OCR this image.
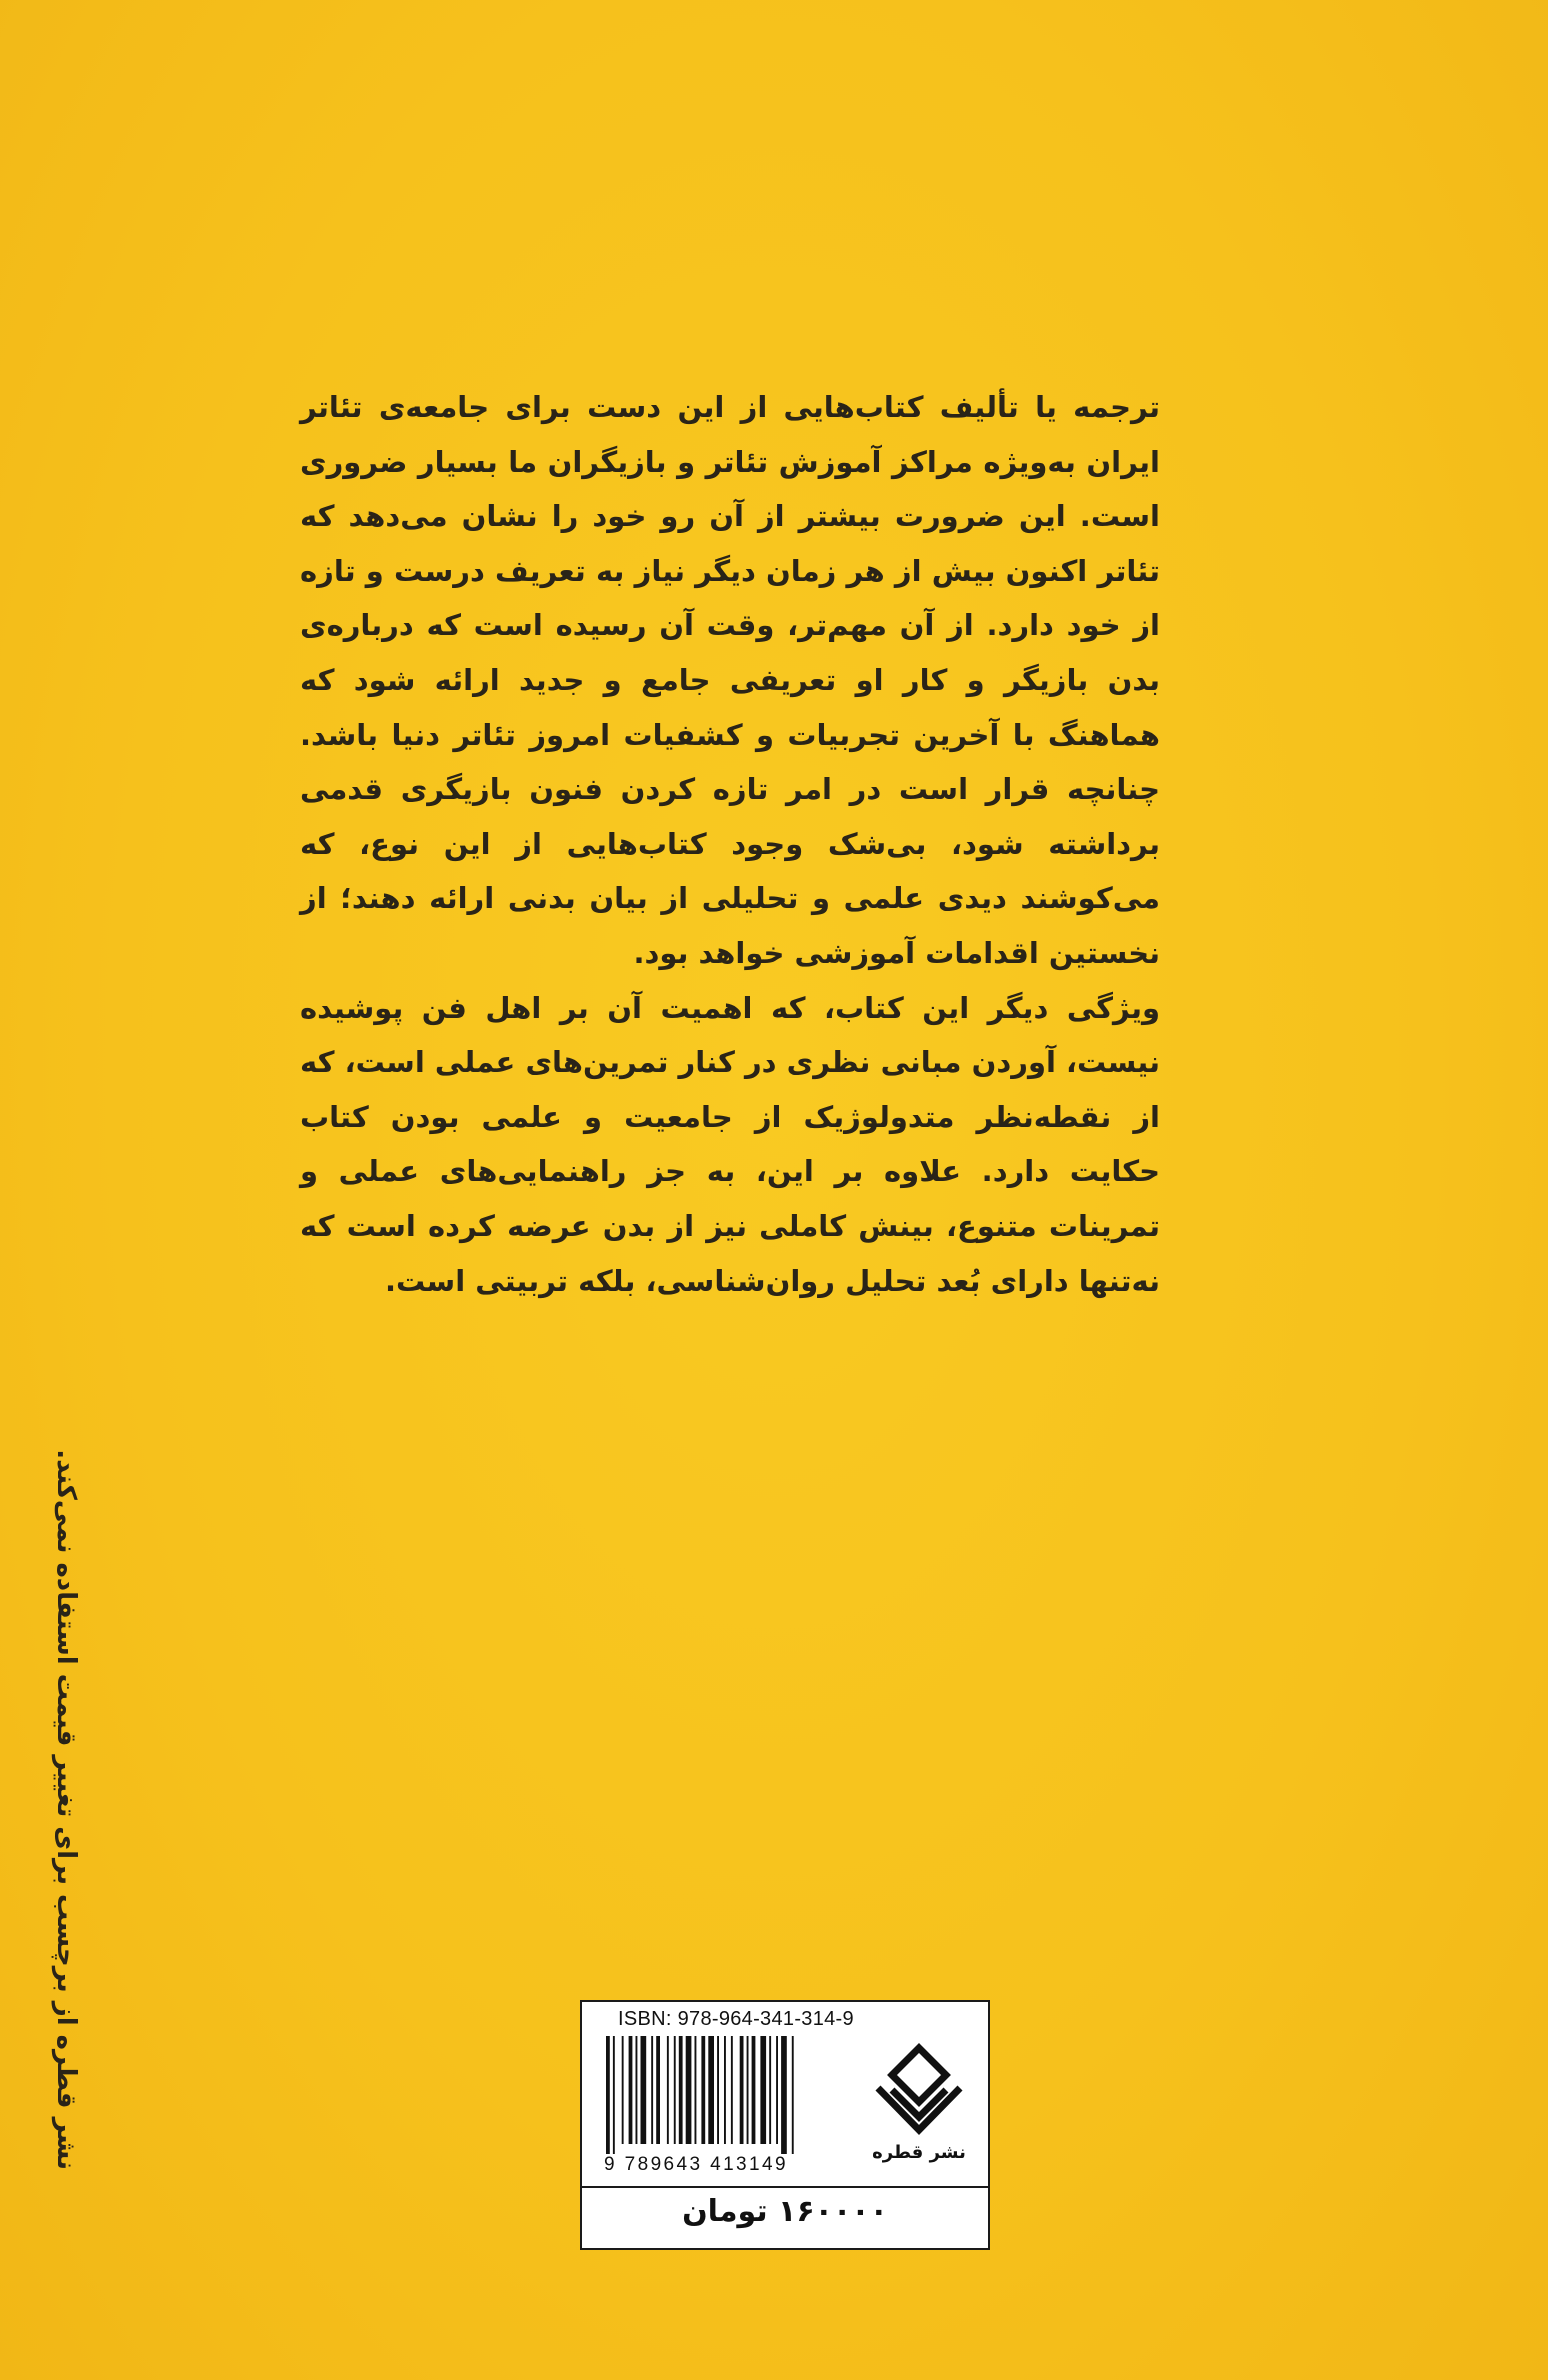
ترجمه یا تألیف کتاب‌هایی از این دست برای جامعه‌ی تئاتر ایران به‌ویژه مراکز آموزش تئاتر و بازیگران ما بسیار ضروری است. این ضرورت بیشتر از آن رو خود را نشان می‌دهد که تئاتر اکنون بیش از هر زمان دیگر نیاز به تعریف درست و تازه از خود دارد. از آن مهم‌تر، وقت آن رسیده است که درباره‌ی بدن بازیگر و کار او تعریفی جامع و جدید ارائه شود که هماهنگ با آخرین تجربیات و کشفیات امروز تئاتر دنیا باشد. چنانچه قرار است در امر تازه کردن فنون بازیگری قدمی برداشته شود، بی‌شک وجود کتاب‌هایی از این نوع، که می‌کوشند دیدی علمی و تحلیلی از بیان بدنی ارائه دهند؛ از نخستین اقدامات آموزشی خواهد بود.

ویژگی دیگر این کتاب، که اهمیت آن بر اهل فن پوشیده نیست، آوردن مبانی نظری در کنار تمرین‌های عملی است، که از نقطه‌نظر متدولوژیک از جامعیت و علمی بودن کتاب حکایت دارد. علاوه بر این، به جز راهنمایی‌های عملی و تمرینات متنوع، بینش کاملی نیز از بدن عرضه کرده است که نه‌تنها دارای بُعد تحلیل روان‌شناسی، بلکه تربیتی است.

نشر قطره از برچسب برای تغییر قیمت استفاده نمی‌کند.	ISBN: 978-964-341-314-9
9 789643 413149
نشر قطره
۱۶۰۰۰۰ تومان
